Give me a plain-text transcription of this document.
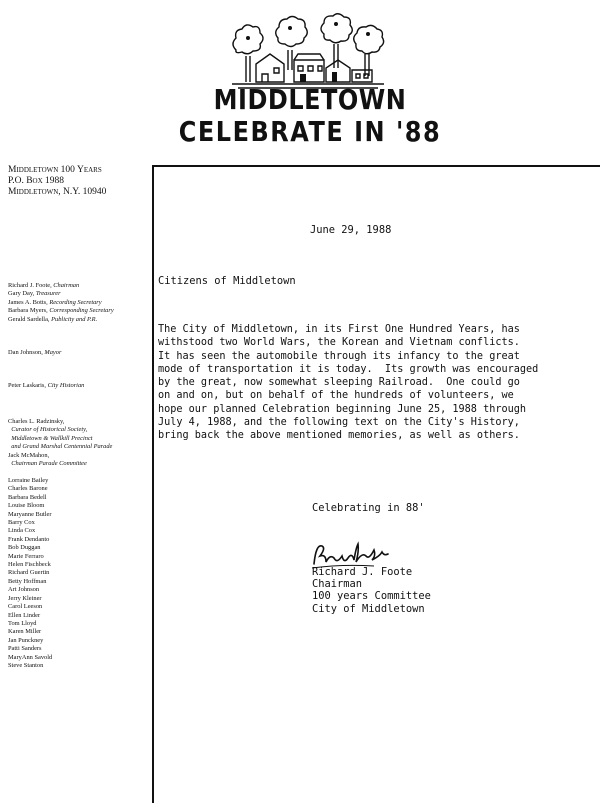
MIDDLETOWN
CELEBRATE IN '88
Middletown 100 Years
P.O. Box 1988
Middletown, N.Y. 10940
Richard J. Foote, Chairman
Gary Day, Treasurer
James A. Botts, Recording Secretary
Barbara Myers, Corresponding Secretary
Gerald Sardella, Publicity and P.R.
Dan Johnson, Mayor
Peter Laskaris, City Historian
Charles L. Radzinsky,
Curator of Historical Society,
Middletown & Wallkill Precinct
and Grand Marshal Centennial Parade
Jack McMahon,
Chairman Parade Committee
Lorraine Bailey
Charles Barone
Barbara Bedell
Louise Bloom
Maryanne Butler
Barry Cox
Linda Cox
Frank Dendanto
Bob Duggan
Marie Ferraro
Helen Fischbeck
Richard Guertin
Betty Hoffman
Art Johnson
Jerry Kleiner
Carol Leeson
Ellen Linder
Tom Lloyd
Karen Miller
Jan Punckney
Patti Sanders
MaryAnn Savold
Steve Stanton
June 29, 1988
Citizens of Middletown
The City of Middletown, in its First One Hundred Years, has
withstood two World Wars, the Korean and Vietnam conflicts.
It has seen the automobile through its infancy to the great
mode of transportation it is today.  Its growth was encouraged
by the great, now somewhat sleeping Railroad.  One could go
on and on, but on behalf of the hundreds of volunteers, we
hope our planned Celebration beginning June 25, 1988 through
July 4, 1988, and the following text on the City's History,
bring back the above mentioned memories, as well as others.
Celebrating in 88'
Richard J. Foote
Chairman
100 years Committee
City of Middletown
